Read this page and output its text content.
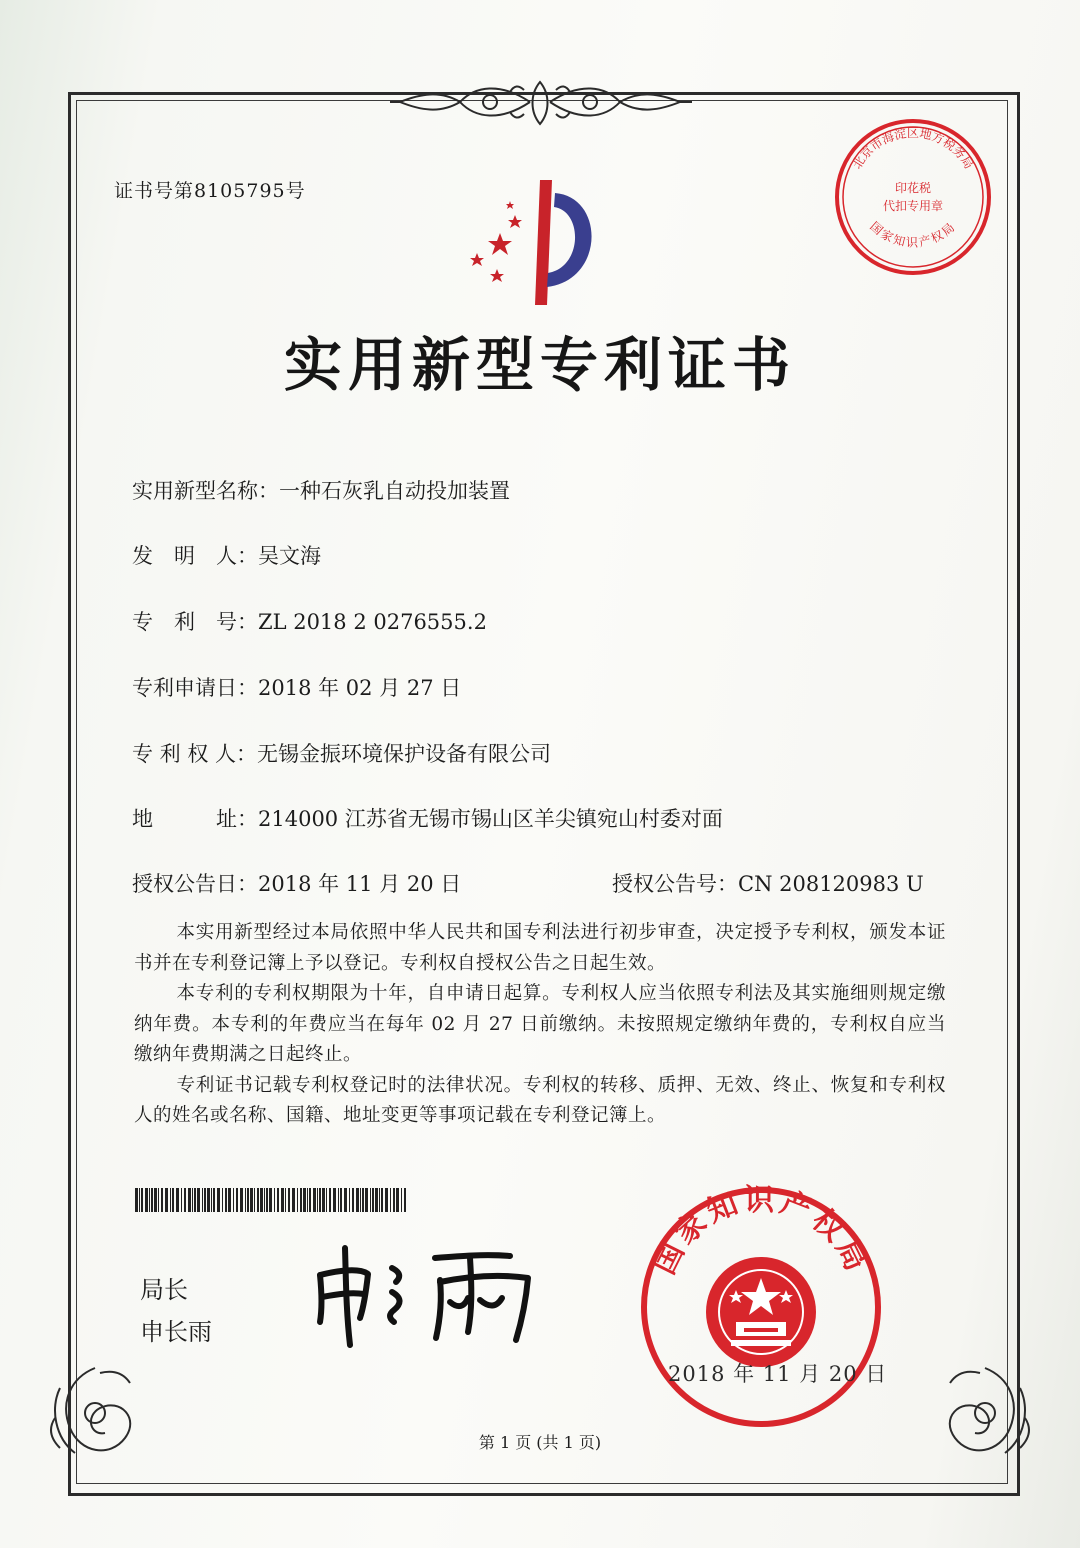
证书号第8105795号
北京市海淀区地方税务局
印花税
代扣专用章
国家知识产权局
实用新型专利证书
实用新型名称：一种石灰乳自动投加装置
发　明　人：吴文海
专　利　号：ZL 2018 2 0276555.2
专利申请日：2018 年 02 月 27 日
专 利 权 人：无锡金振环境保护设备有限公司
地　　　址：214000 江苏省无锡市锡山区羊尖镇宛山村委对面
授权公告日：2018 年 11 月 20 日	授权公告号：CN 208120983 U

本实用新型经过本局依照中华人民共和国专利法进行初步审查，决定授予专利权，颁发本证书并在专利登记簿上予以登记。专利权自授权公告之日起生效。

本专利的专利权期限为十年，自申请日起算。专利权人应当依照专利法及其实施细则规定缴纳年费。本专利的年费应当在每年 02 月 27 日前缴纳。未按照规定缴纳年费的，专利权自应当缴纳年费期满之日起终止。

专利证书记载专利权登记时的法律状况。专利权的转移、质押、无效、终止、恢复和专利权人的姓名或名称、国籍、地址变更等事项记载在专利登记簿上。

局长
申长雨
国家知识产权局
2018 年 11 月 20 日
第 1 页 (共 1 页)
